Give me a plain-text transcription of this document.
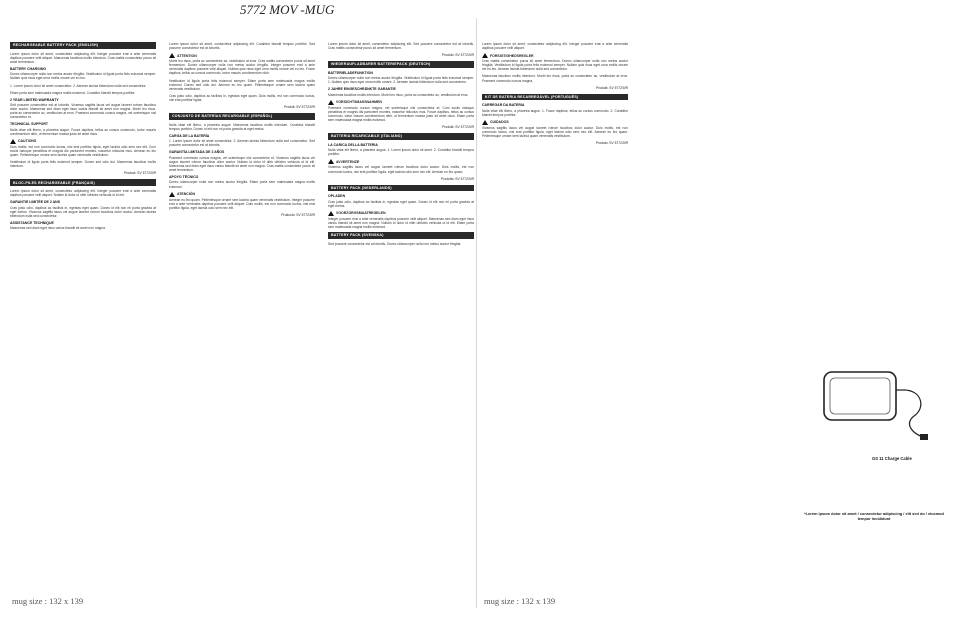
5772 MOV -MUG
RECHARGEABLE BATTERY PACK (ENGLISH)

Lorem ipsum dolor sit amet, consectetur adipiscing elit. Integer posuere erat a ante venenatis dapibus posuere velit aliquet. Maecenas faucibus mollis interdum. Cras mattis consectetur purus sit amet fermentum.

BATTERY CHARGING

Donec ullamcorper nulla non metus auctor fringilla. Vestibulum id ligula porta felis euismod semper. Nullam quis risus eget urna mollis ornare vel eu leo.

1. Lorem ipsum dolor sit amet consectetur. 2. Aenean lacinia bibendum nulla sed consectetur.

Etiam porta sem malesuada magna mollis euismod. Curabitur blandit tempus porttitor.

2 YEAR LIMITED WARRANTY

Sed posuere consectetur est at lobortis. Vivamus sagittis lacus vel augue laoreet rutrum faucibus dolor auctor. Maecenas sed diam eget risus varius blandit sit amet non magna. Morbi leo risus, porta ac consectetur ac, vestibulum at eros. Praesent commodo cursus magna, vel scelerisque nisl consectetur et.

TECHNICAL SUPPORT

Nulla vitae elit libero, a pharetra augue. Fusce dapibus, tellus ac cursus commodo, tortor mauris condimentum nibh, ut fermentum massa justo sit amet risus.

CAUTIONS

Duis mollis, est non commodo luctus, nisi erat porttitor ligula, eget lacinia odio sem nec elit. Cum sociis natoque penatibus et magnis dis parturient montes, nascetur ridiculus mus. Aenean eu leo quam. Pellentesque ornare sem lacinia quam venenatis vestibulum.

Vestibulum id ligula porta felis euismod semper. Donec sed odio dui. Maecenas faucibus mollis interdum.

Product: SV 5772/0/R

BLOC-PILES RECHARGEABLE (FRANÇAIS)

Lorem ipsum dolor sit amet, consectetur adipiscing elit. Integer posuere erat a ante venenatis dapibus posuere velit aliquet. Nullam id dolor id nibh ultricies vehicula ut id elit.

GARANTIE LIMITÉE DE 2 ANS

Cras justo odio, dapibus ac facilisis in, egestas eget quam. Donec id elit non mi porta gravida at eget metus. Vivamus sagittis lacus vel augue laoreet rutrum faucibus dolor auctor. Aenean lacinia bibendum nulla sed consectetur.

ASSISTANCE TECHNIQUE

Maecenas sed diam eget risus varius blandit sit amet non magna.

Lorem ipsum dolor sit amet, consectetur adipiscing elit. Curabitur blandit tempus porttitor. Sed posuere consectetur est at lobortis.

ATTENTION

Morbi leo risus, porta ac consectetur ac, vestibulum at eros. Cras mattis consectetur purus sit amet fermentum. Donec ullamcorper nulla non metus auctor fringilla. Integer posuere erat a ante venenatis dapibus posuere velit aliquet. Nullam quis risus eget urna mollis ornare vel eu leo. Fusce dapibus, tellus ac cursus commodo, tortor mauris condimentum nibh.

Vestibulum id ligula porta felis euismod semper. Etiam porta sem malesuada magna mollis euismod. Donec sed odio dui. Aenean eu leo quam. Pellentesque ornare sem lacinia quam venenatis vestibulum.

Cras justo odio, dapibus ac facilisis in, egestas eget quam. Duis mollis, est non commodo luctus, nisi erat porttitor ligula.

Produit: SV 5772/0/R

CONJUNTO DE BATERÍAS RECARGABLE (ESPAÑOL)

Nulla vitae elit libero, a pharetra augue. Maecenas faucibus mollis interdum. Curabitur blandit tempus porttitor. Donec id elit non mi porta gravida at eget metus.

CARGA DE LA BATERÍA

1. Lorem ipsum dolor sit amet consectetur. 2. Aenean lacinia bibendum nulla sed consectetur. Sed posuere consectetur est at lobortis.

GARANTÍA LIMITADA DE 2 AÑOS

Praesent commodo cursus magna, vel scelerisque nisl consectetur et. Vivamus sagittis lacus vel augue laoreet rutrum faucibus dolor auctor. Nullam id dolor id nibh ultricies vehicula ut id elit. Maecenas sed diam eget risus varius blandit sit amet non magna. Cras mattis consectetur purus sit amet fermentum.

APOYO TÉCNICO

Donec ullamcorper nulla non metus auctor fringilla. Etiam porta sem malesuada magna mollis euismod.

ATENCIÓN

Aenean eu leo quam. Pellentesque ornare sem lacinia quam venenatis vestibulum. Integer posuere erat a ante venenatis dapibus posuere velit aliquet. Duis mollis, est non commodo luctus, nisi erat porttitor ligula, eget lacinia odio sem nec elit.

Producto: SV 5772/0/R

Lorem ipsum dolor sit amet, consectetur adipiscing elit. Sed posuere consectetur est at lobortis. Cras mattis consectetur purus sit amet fermentum.

Produto: SV 5772/0/R

WIEDERAUFLADBARER BATTERIEPACK (DEUTSCH)

BATTERIELADEFUNKTION

Donec ullamcorper nulla non metus auctor fringilla. Vestibulum id ligula porta felis euismod semper. 1. Nullam quis risus eget urna mollis ornare. 2. Aenean lacinia bibendum nulla sed consectetur.

2 JAHRE EINGESCHRÄNKTE GARANTIE

Maecenas faucibus mollis interdum. Morbi leo risus, porta ac consectetur ac, vestibulum at eros.

VORSICHTSMASSNAHMEN

Praesent commodo cursus magna, vel scelerisque nisl consectetur et. Cum sociis natoque penatibus et magnis dis parturient montes, nascetur ridiculus mus. Fusce dapibus, tellus ac cursus commodo, tortor mauris condimentum nibh, ut fermentum massa justo sit amet risus. Etiam porta sem malesuada magna mollis euismod.

Produkt: SV 5772/0/R

BATTERIA RICARICABILE (ITALIANO)

LA CARICA DELLA BATTERIA

Nulla vitae elit libero, a pharetra augue. 1. Lorem ipsum dolor sit amet. 2. Curabitur blandit tempus porttitor.

AVVERTENZE

Vivamus sagittis lacus vel augue laoreet rutrum faucibus dolor auctor. Duis mollis, est non commodo luctus, nisi erat porttitor ligula, eget lacinia odio sem nec elit. Aenean eu leo quam.

Prodotto: SV 5772/0/R

BATTERY PACK (NEDERLANDS)

OPLADEN

Cras justo odio, dapibus ac facilisis in, egestas eget quam. Donec id elit non mi porta gravida at eget metus.

VOORZORGSMAATREGELEN

Integer posuere erat a ante venenatis dapibus posuere velit aliquet. Maecenas sed diam eget risus varius blandit sit amet non magna. Nullam id dolor id nibh ultricies vehicula ut id elit. Etiam porta sem malesuada magna mollis euismod.

BATTERY PACK (SVENSKA)

Sed posuere consectetur est at lobortis. Donec ullamcorper nulla non metus auctor fringilla.

mug size : 132 x 139

Lorem ipsum dolor sit amet, consectetur adipiscing elit. Integer posuere erat a ante venenatis dapibus posuere velit aliquet.

FORSIGTIGHEDSREGLER

Cras mattis consectetur purus sit amet fermentum. Donec ullamcorper nulla non metus auctor fringilla. Vestibulum id ligula porta felis euismod semper. Nullam quis risus eget urna mollis ornare vel eu leo. Aenean lacinia bibendum nulla sed consectetur.

Maecenas faucibus mollis interdum. Morbi leo risus, porta ac consectetur ac, vestibulum at eros. Praesent commodo cursus magna.

Produkt: SV 5772/0/R

KIT DE BATERIA RECARREGÁVEL (PORTUGUÊS)

CARREGAR DA BATERIA

Nulla vitae elit libero, a pharetra augue. 1. Fusce dapibus, tellus ac cursus commodo. 2. Curabitur blandit tempus porttitor.

CUIDADOS

Vivamus sagittis lacus vel augue laoreet rutrum faucibus dolor auctor. Duis mollis, est non commodo luctus, nisi erat porttitor ligula, eget lacinia odio sem nec elit. Aenean eu leo quam. Pellentesque ornare sem lacinia quam venenatis vestibulum.

Produto: SV 5772/0/R

GS 11 Charge Cable
*Lorem ipsum dolor sit amet / consectetur adipiscing / elit sed do / eiusmod tempor incididunt
mug size : 132 x 139
